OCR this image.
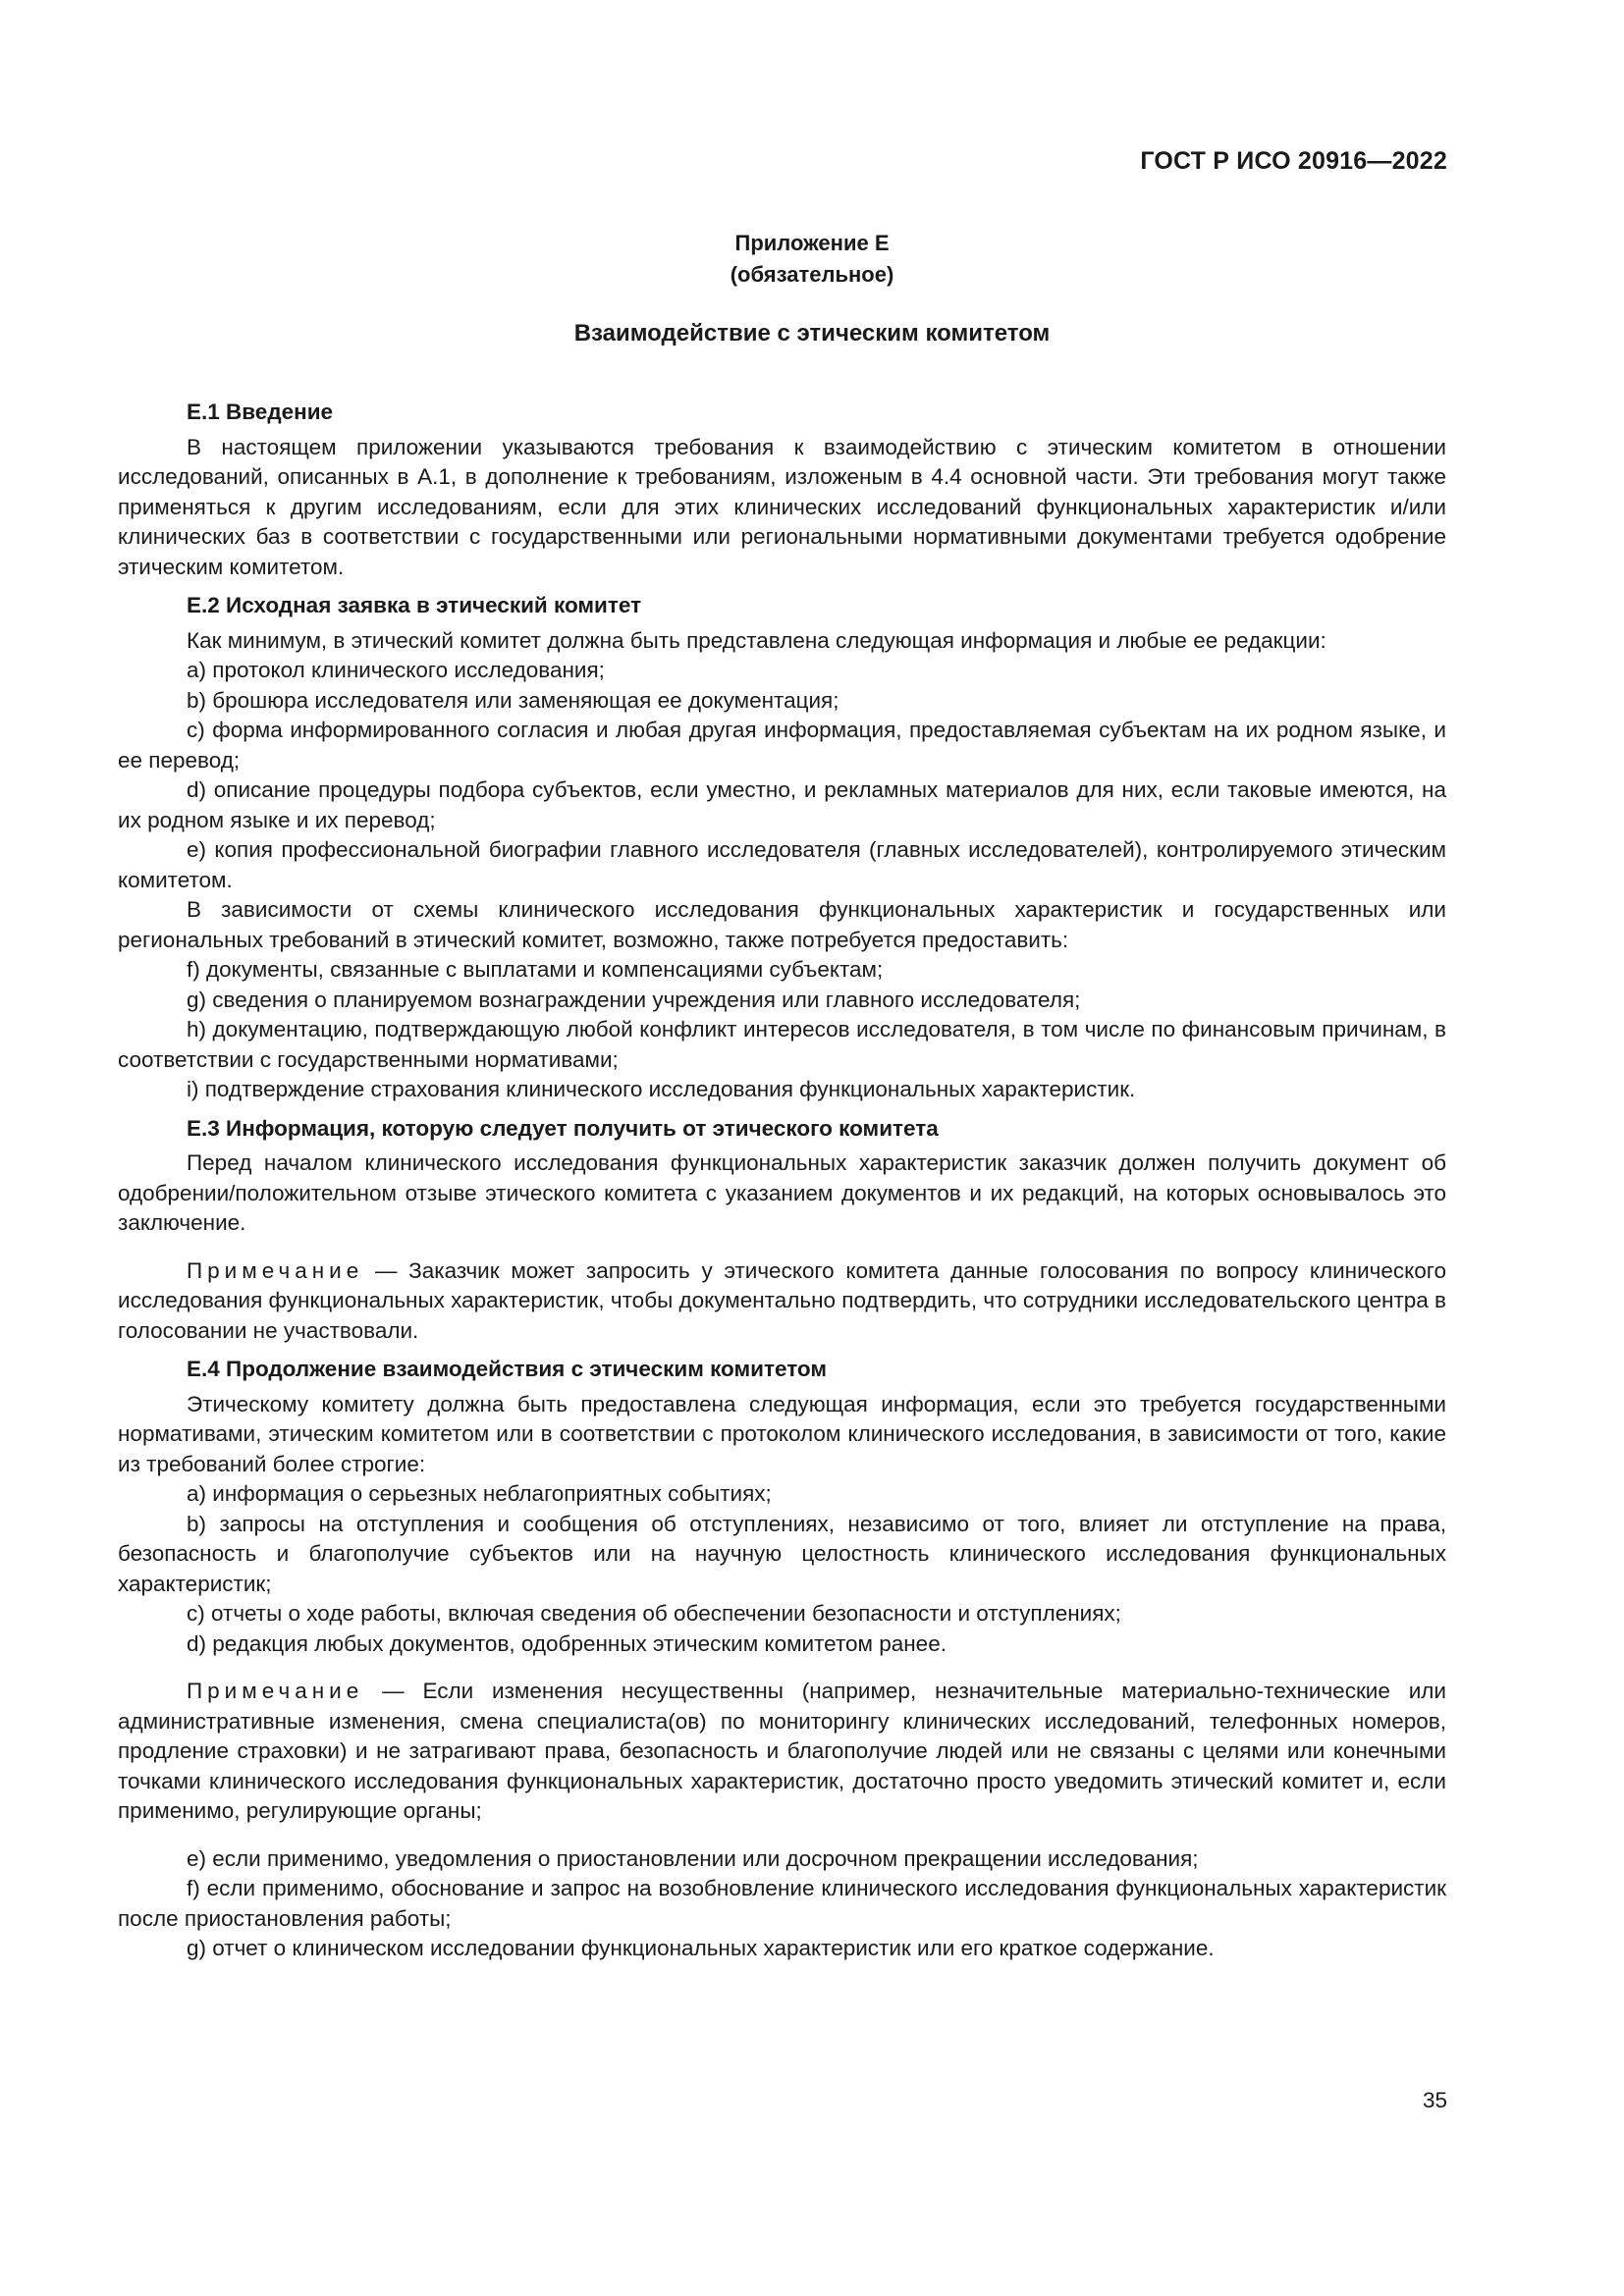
ГОСТ Р ИСО 20916—2022
Приложение Е
(обязательное)
Взаимодействие с этическим комитетом
Е.1 Введение

В настоящем приложении указываются требования к взаимодействию с этическим комитетом в отношении исследований, описанных в А.1, в дополнение к требованиям, изложеным в 4.4 основной части. Эти требования могут также применяться к другим исследованиям, если для этих клинических исследований функциональных характеристик и/или клинических баз в соответствии с государственными или региональными нормативными документами требуется одобрение этическим комитетом.

Е.2 Исходная заявка в этический комитет

Как минимум, в этический комитет должна быть представлена следующая информация и любые ее редакции:

a) протокол клинического исследования;

b) брошюра исследователя или заменяющая ее документация;

c) форма информированного согласия и любая другая информация, предоставляемая субъектам на их родном языке, и ее перевод;

d) описание процедуры подбора субъектов, если уместно, и рекламных материалов для них, если таковые имеются, на их родном языке и их перевод;

e) копия профессиональной биографии главного исследователя (главных исследователей), контролируемого этическим комитетом.

В зависимости от схемы клинического исследования функциональных характеристик и государственных или региональных требований в этический комитет, возможно, также потребуется предоставить:

f) документы, связанные с выплатами и компенсациями субъектам;

g) сведения о планируемом вознаграждении учреждения или главного исследователя;

h) документацию, подтверждающую любой конфликт интересов исследователя, в том числе по финансовым причинам, в соответствии с государственными нормативами;

i) подтверждение страхования клинического исследования функциональных характеристик.

Е.3 Информация, которую следует получить от этического комитета

Перед началом клинического исследования функциональных характеристик заказчик должен получить документ об одобрении/положительном отзыве этического комитета с указанием документов и их редакций, на которых основывалось это заключение.

Примечание — Заказчик может запросить у этического комитета данные голосования по вопросу клинического исследования функциональных характеристик, чтобы документально подтвердить, что сотрудники исследовательского центра в голосовании не участвовали.

Е.4 Продолжение взаимодействия с этическим комитетом

Этическому комитету должна быть предоставлена следующая информация, если это требуется государственными нормативами, этическим комитетом или в соответствии с протоколом клинического исследования, в зависимости от того, какие из требований более строгие:

a) информация о серьезных неблагоприятных событиях;

b) запросы на отступления и сообщения об отступлениях, независимо от того, влияет ли отступление на права, безопасность и благополучие субъектов или на научную целостность клинического исследования функциональных характеристик;

c) отчеты о ходе работы, включая сведения об обеспечении безопасности и отступлениях;

d) редакция любых документов, одобренных этическим комитетом ранее.

Примечание — Если изменения несущественны (например, незначительные материально-технические или административные изменения, смена специалиста(ов) по мониторингу клинических исследований, телефонных номеров, продление страховки) и не затрагивают права, безопасность и благополучие людей или не связаны с целями или конечными точками клинического исследования функциональных характеристик, достаточно просто уведомить этический комитет и, если применимо, регулирующие органы;

e) если применимо, уведомления о приостановлении или досрочном прекращении исследования;

f) если применимо, обоснование и запрос на возобновление клинического исследования функциональных характеристик после приостановления работы;

g) отчет о клиническом исследовании функциональных характеристик или его краткое содержание.

35
